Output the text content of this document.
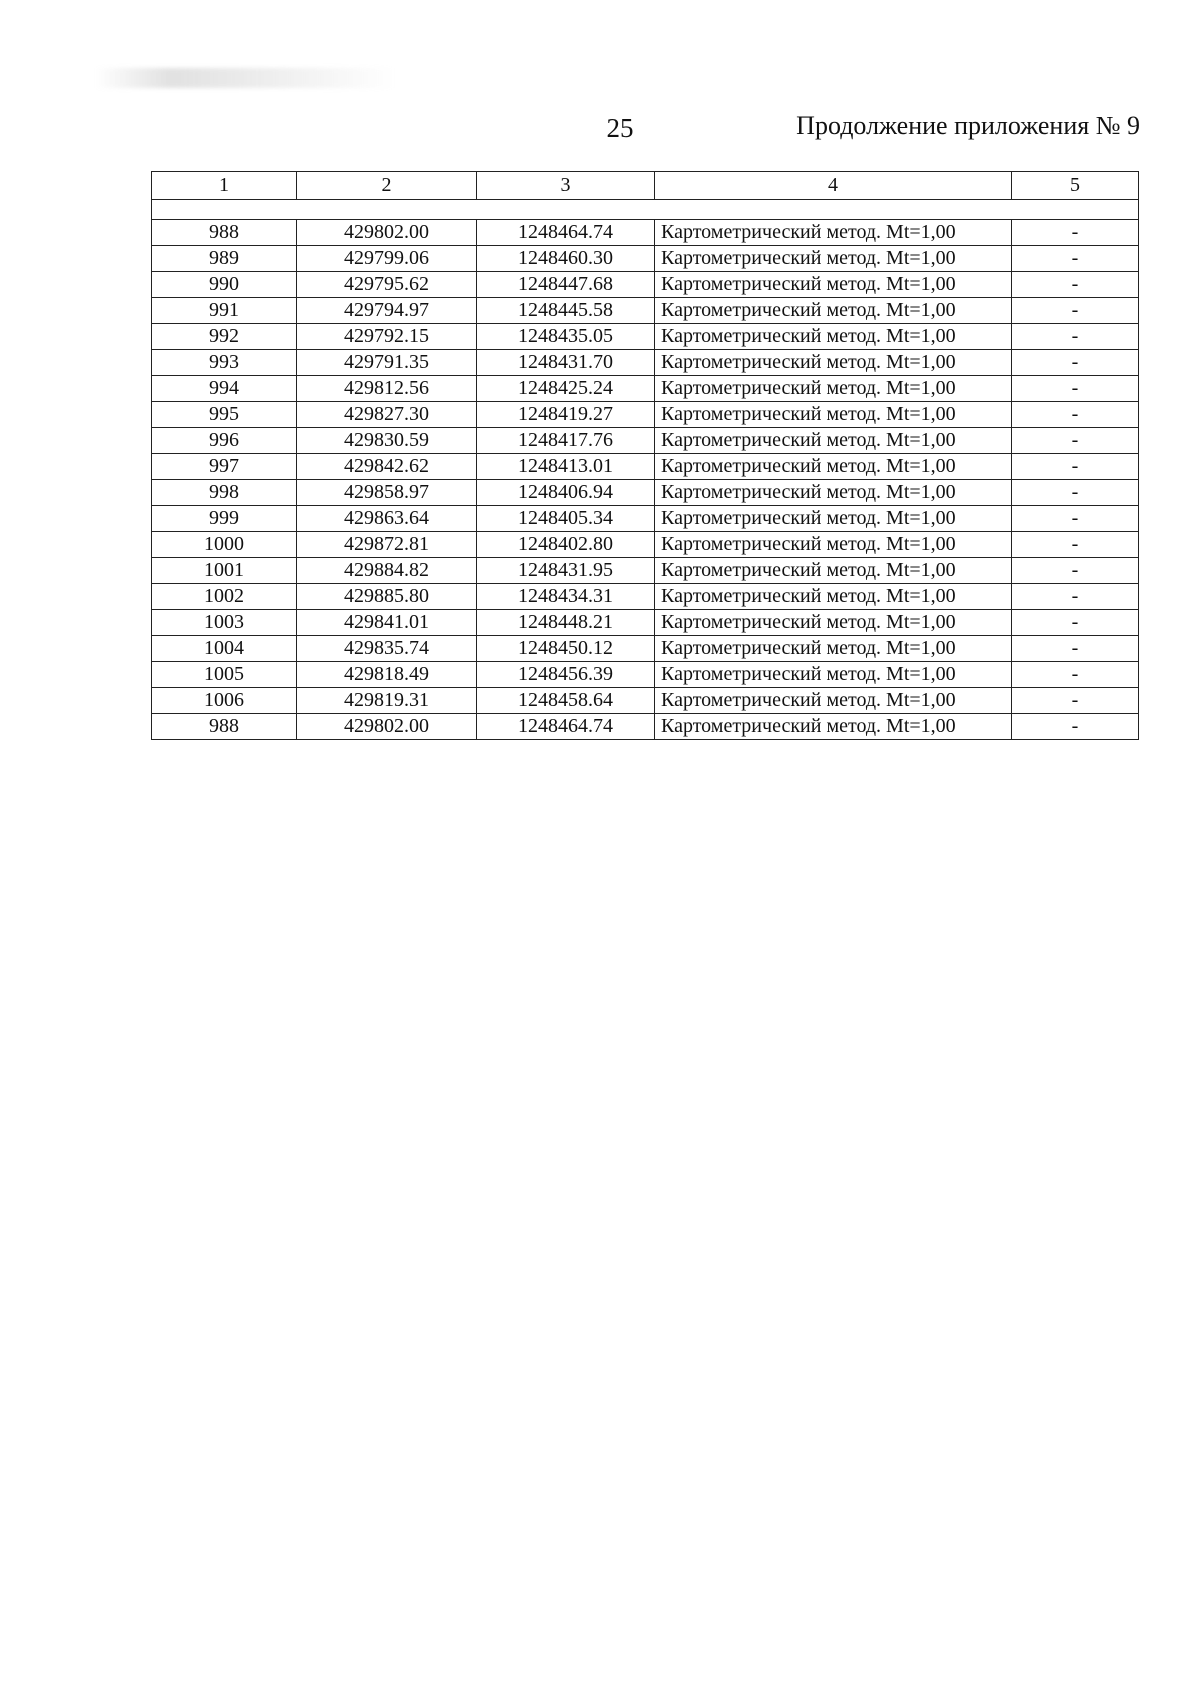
25	Продолжение приложения № 9
1	2	3	4	5

988	429802.00	1248464.74	Картометрический метод. Mt=1,00	-
989	429799.06	1248460.30	Картометрический метод. Mt=1,00	-
990	429795.62	1248447.68	Картометрический метод. Mt=1,00	-
991	429794.97	1248445.58	Картометрический метод. Mt=1,00	-
992	429792.15	1248435.05	Картометрический метод. Mt=1,00	-
993	429791.35	1248431.70	Картометрический метод. Mt=1,00	-
994	429812.56	1248425.24	Картометрический метод. Mt=1,00	-
995	429827.30	1248419.27	Картометрический метод. Mt=1,00	-
996	429830.59	1248417.76	Картометрический метод. Mt=1,00	-
997	429842.62	1248413.01	Картометрический метод. Mt=1,00	-
998	429858.97	1248406.94	Картометрический метод. Mt=1,00	-
999	429863.64	1248405.34	Картометрический метод. Mt=1,00	-
1000	429872.81	1248402.80	Картометрический метод. Mt=1,00	-
1001	429884.82	1248431.95	Картометрический метод. Mt=1,00	-
1002	429885.80	1248434.31	Картометрический метод. Mt=1,00	-
1003	429841.01	1248448.21	Картометрический метод. Mt=1,00	-
1004	429835.74	1248450.12	Картометрический метод. Mt=1,00	-
1005	429818.49	1248456.39	Картометрический метод. Mt=1,00	-
1006	429819.31	1248458.64	Картометрический метод. Mt=1,00	-
988	429802.00	1248464.74	Картометрический метод. Mt=1,00	-
